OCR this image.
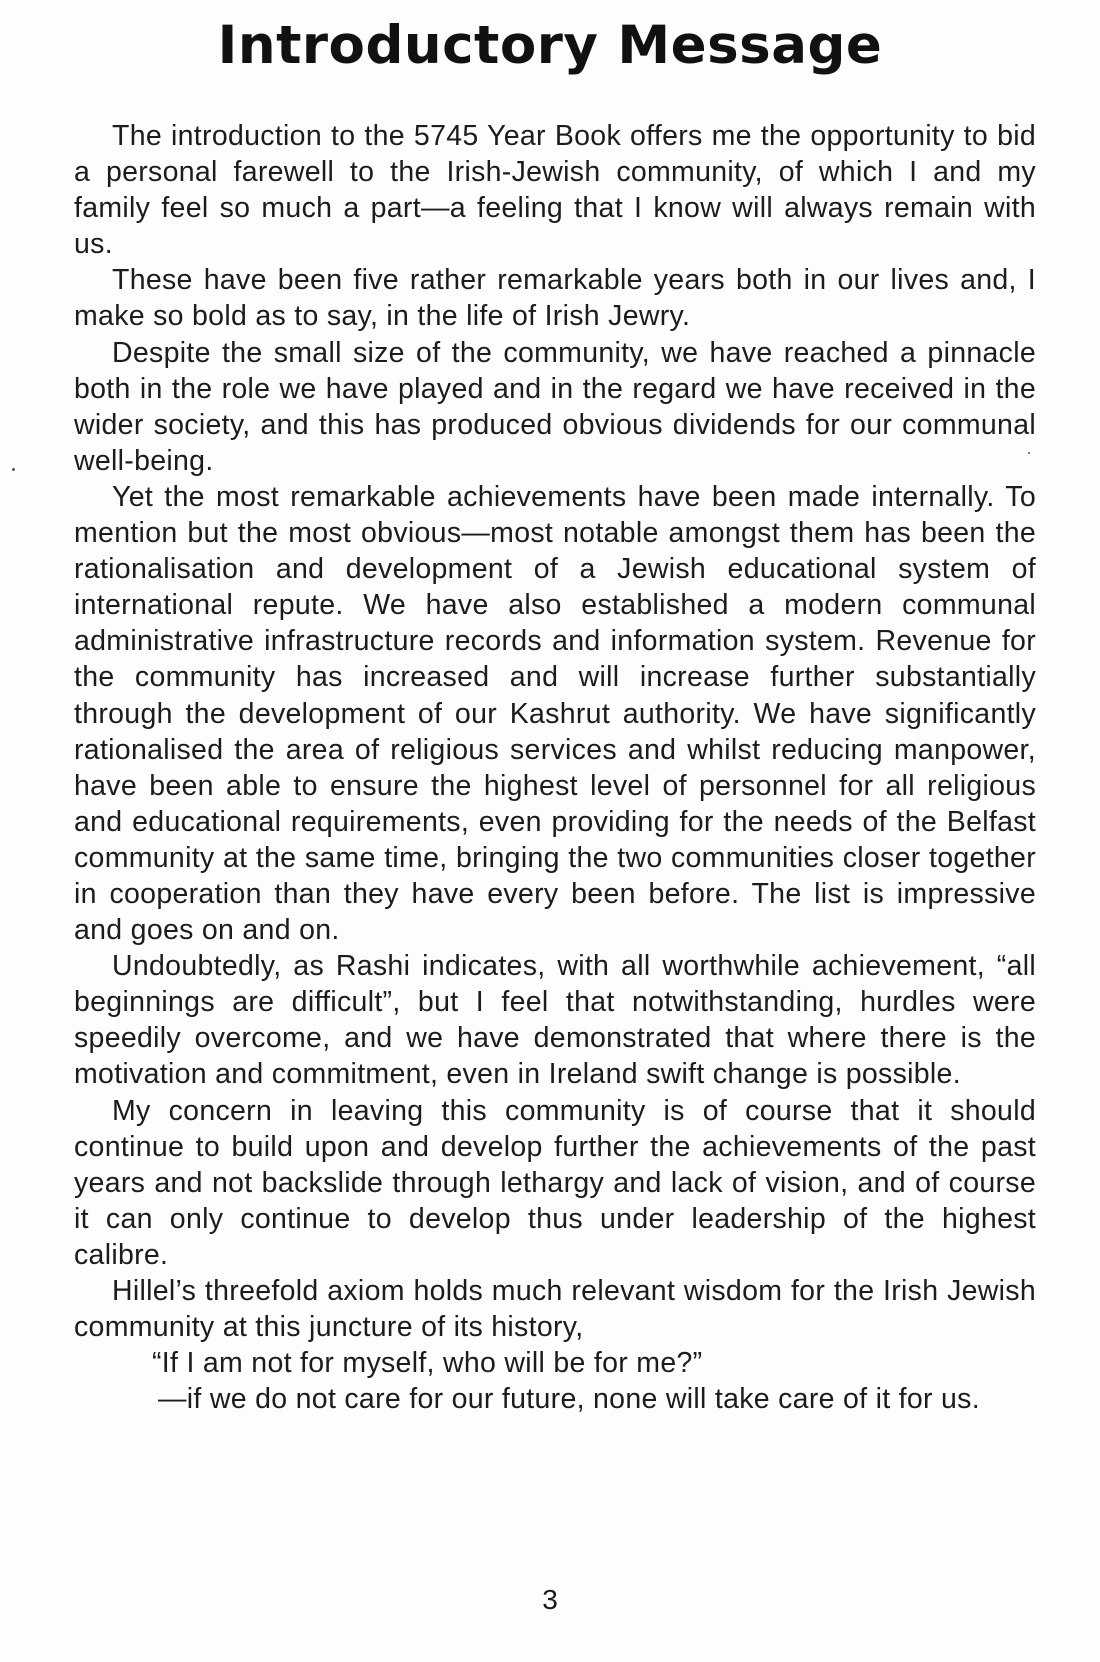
Introductory Message

The introduction to the 5745 Year Book offers me the opportunity to bid a personal farewell to the Irish-Jewish community, of which I and my family feel so much a part—a feeling that I know will always remain with us.

These have been five rather remarkable years both in our lives and, I make so bold as to say, in the life of Irish Jewry.

Despite the small size of the community, we have reached a pinnacle both in the role we have played and in the regard we have received in the wider society, and this has produced obvious dividends for our communal well-being.

Yet the most remarkable achievements have been made internally. To mention but the most obvious—most notable amongst them has been the rationalisation and development of a Jewish educational system of international repute. We have also established a modern communal administrative infrastructure records and information system. Revenue for the community has increased and will increase further substantially through the development of our Kashrut authority. We have significantly rationalised the area of religious services and whilst reducing manpower, have been able to ensure the highest level of personnel for all religious and educational requirements, even providing for the needs of the Belfast community at the same time, bringing the two communities closer together in cooperation than they have every been before. The list is impressive and goes on and on.

Undoubtedly, as Rashi indicates, with all worthwhile achievement, “all beginnings are difficult”, but I feel that notwithstanding, hurdles were speedily overcome, and we have demonstrated that where there is the motivation and commitment, even in Ireland swift change is possible.

My concern in leaving this community is of course that it should continue to build upon and develop further the achievements of the past years and not backslide through lethargy and lack of vision, and of course it can only continue to develop thus under leadership of the highest calibre.

Hillel’s threefold axiom holds much relevant wisdom for the Irish Jewish community at this juncture of its history,

“If I am not for myself, who will be for me?”

—if we do not care for our future, none will take care of it for us.

3
